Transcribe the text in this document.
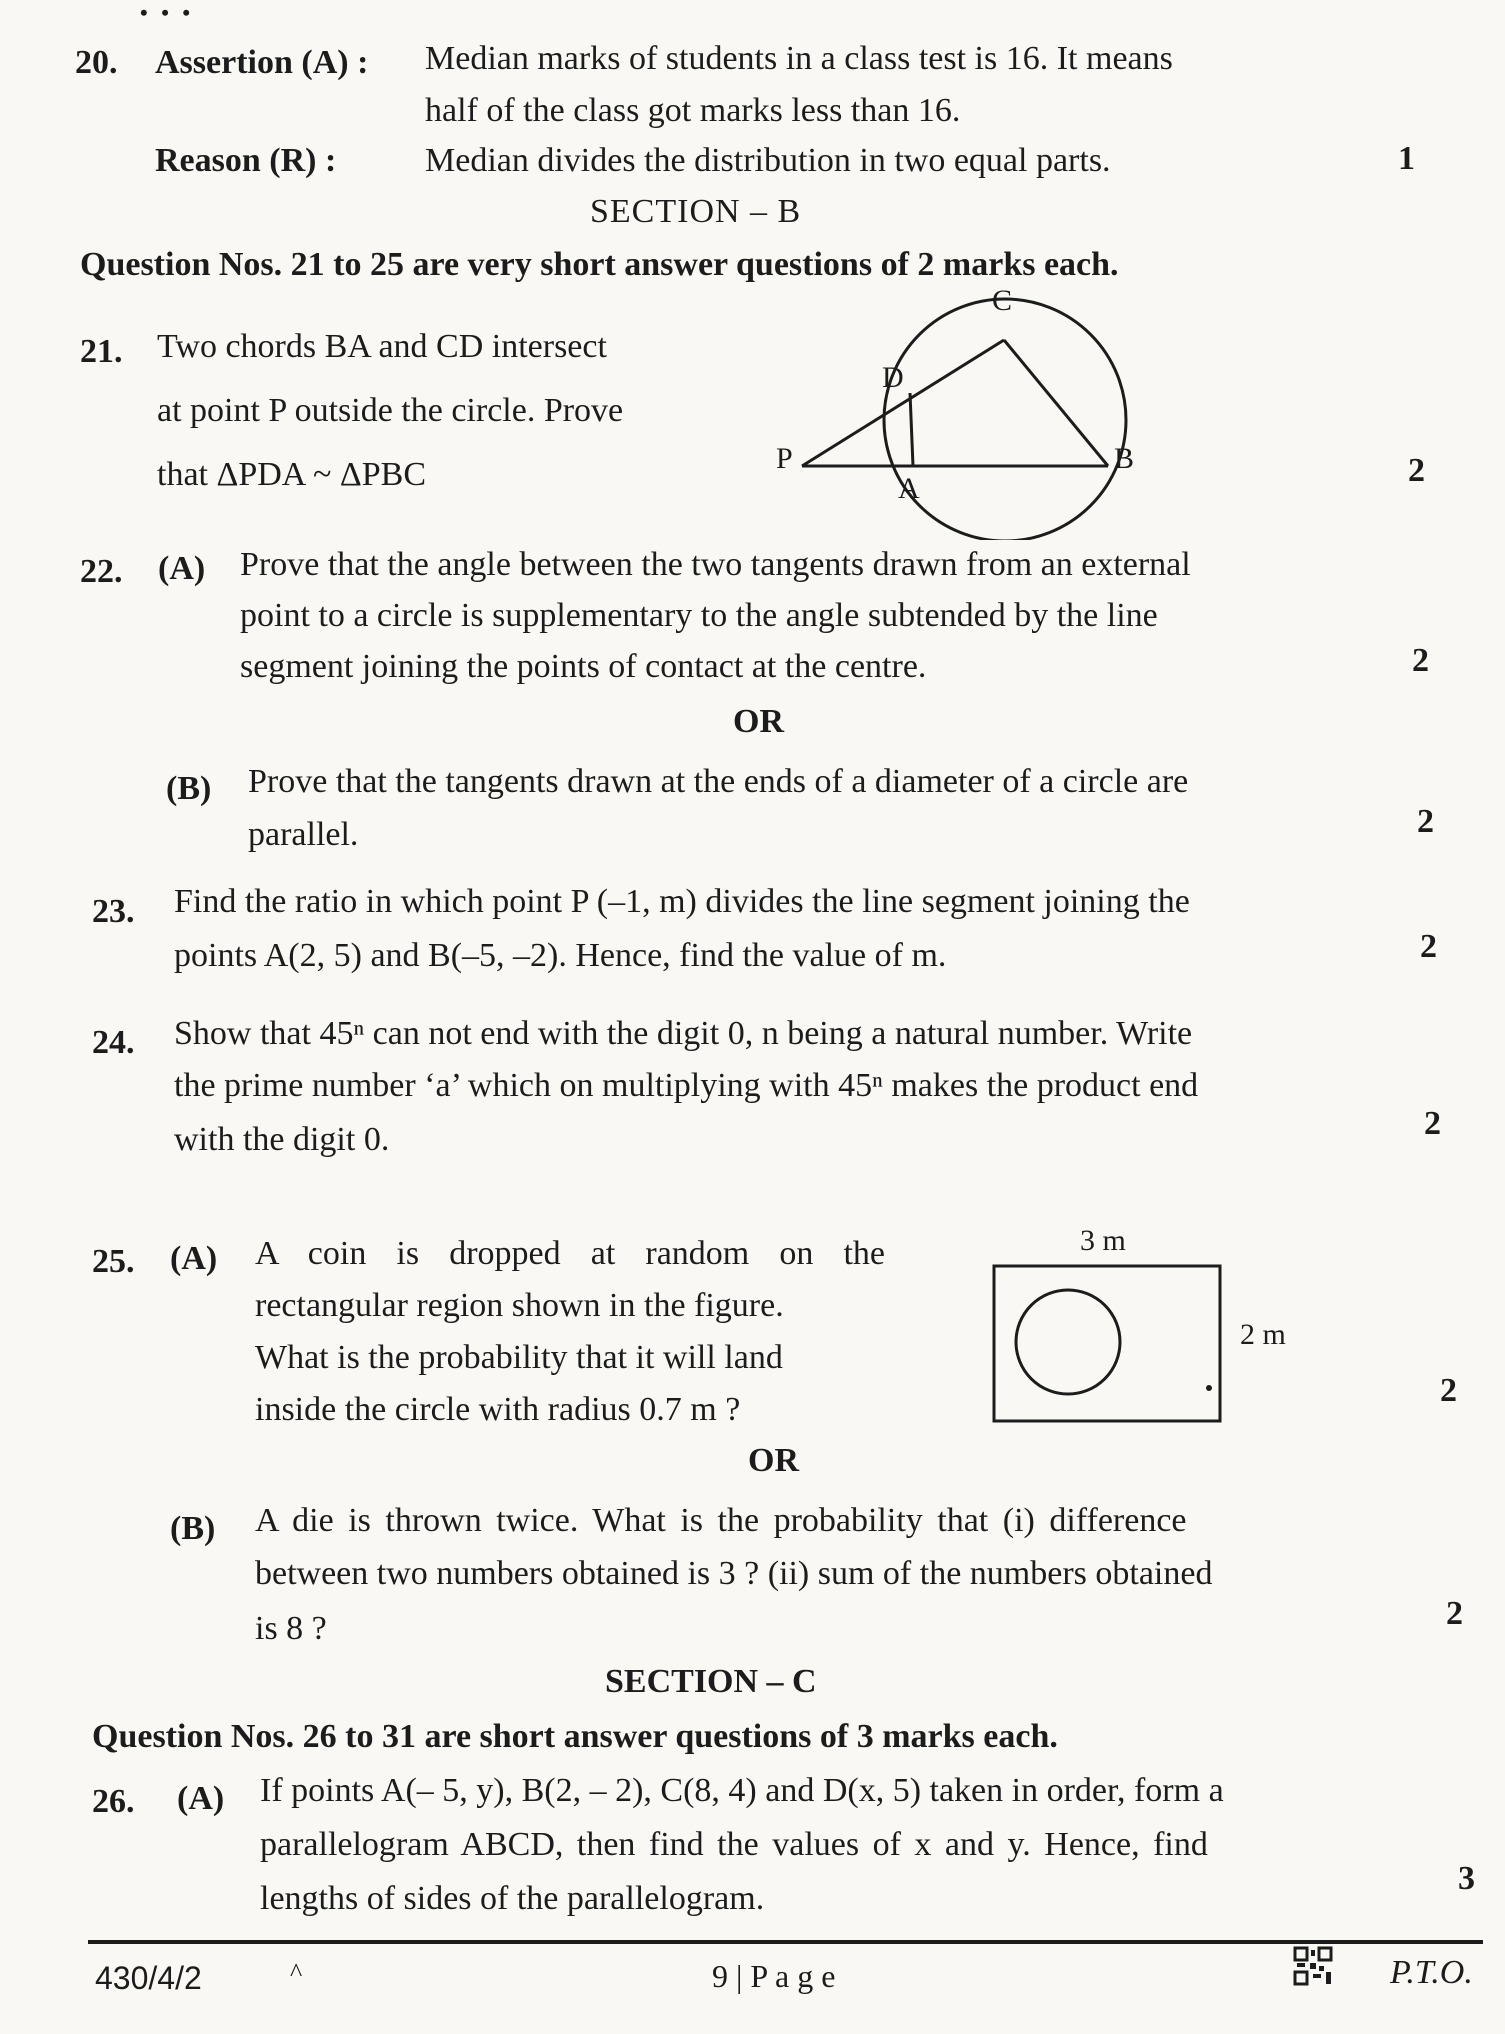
• • •
20. Assertion (A) : Median marks of students in a class test is 16. It means
half of the class got marks less than 16.
Reason (R) :	Median divides the distribution in two equal parts.	1
SECTION – B
Question Nos. 21 to 25 are very short answer questions of 2 marks each.
21. Two chords BA and CD intersect
at point P outside the circle. Prove
that ΔPDA ~ ΔPBC	2
C
D
P
A
B
22. (A) Prove that the angle between the two tangents drawn from an external
point to a circle is supplementary to the angle subtended by the line
segment joining the points of contact at the centre.	2
OR
(B) Prove that the tangents drawn at the ends of a diameter of a circle are
parallel.	2
23. Find the ratio in which point P (–1, m) divides the line segment joining the
points A(2, 5) and B(–5, –2). Hence, find the value of m.	2
24. Show that 45ⁿ can not end with the digit 0, n being a natural number. Write
the prime number ‘a’ which on multiplying with 45ⁿ makes the product end
with the digit 0.	2
25. (A) A coin is dropped at random on the
rectangular region shown in the figure.
What is the probability that it will land
inside the circle with radius 0.7 m ?
2
3 m
2 m
OR
(B) A die is thrown twice. What is the probability that (i) difference
between two numbers obtained is 3 ? (ii) sum of the numbers obtained
is 8 ?	2
SECTION – C
Question Nos. 26 to 31 are short answer questions of 3 marks each.
26. (A) If points A(– 5, y), B(2, – 2), C(8, 4) and D(x, 5) taken in order, form a
parallelogram ABCD, then find the values of x and y. Hence, find
lengths of sides of the parallelogram.
3
430/4/2	^	9 | P a g e	P.T.O.
